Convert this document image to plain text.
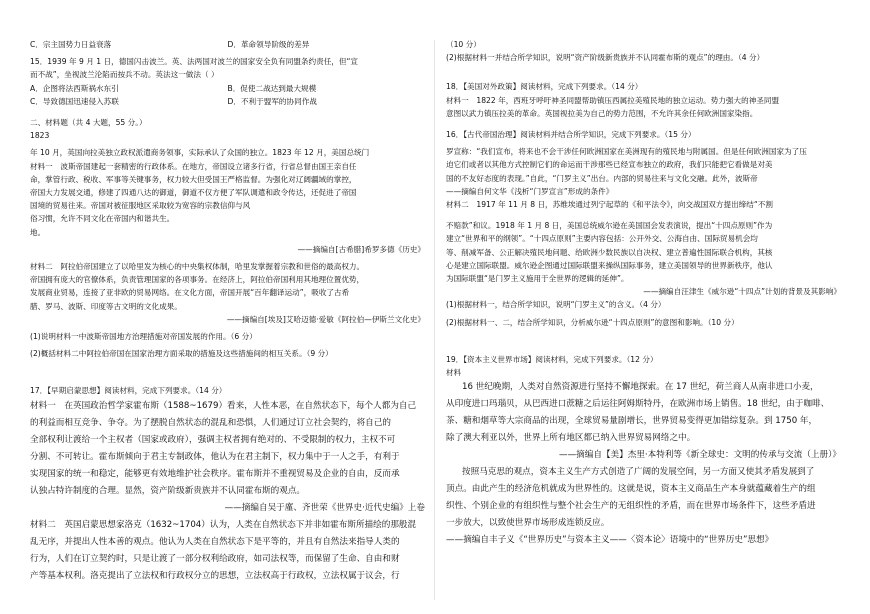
C．宗主国势力日益衰落	D．革命领导阶级的差异

15．1939 年 9 月 1 日，德国闪击波兰。英、法两国对波兰的国家安全负有同盟条约责任，但“宣

而不战”，坐视波兰沦陷而按兵不动。英法这一做法（ ）

A．企图将法西斯祸水东引	B．促使二战达到最大规模
C．导致德国迅速侵入苏联	D．不利于盟军的协同作战

二、材料题（共 4 大题，55 分。）

1823

年 10 月，英国向拉美独立政权派遣商务领事，实际承认了众国的独立。1823 年 12 月，美国总统门

材料一　波斯帝国建起一套精密的行政体系。在地方，帝国设立诸多行省，行省总督由国王亲自任

命，掌管行政、税收、军事等关键事务，权力较大但受国王严格监督。为强化对辽阔疆域的掌控，

帝国大力发展交通，修建了四通八达的御道，御道不仅方便了军队调遣和政令传达，还促进了帝国

国境的贸易往来。帝国对被征服地区采取较为宽容的宗教信仰与风

俗习惯，允许不同文化在帝国内和谐共生。

地。

——摘编自[古希腊]希罗多德《历史》

材料二　阿拉伯帝国建立了以哈里发为核心的中央集权体制，哈里发掌握着宗教和世俗的最高权力。

帝国拥有庞大的官僚体系，负责管理国家的各项事务。在经济上，阿拉伯帝国利用其地理位置优势，

发展商业贸易，连接了亚非欧的贸易网络。在文化方面，帝国开展“百年翻译运动”，吸收了古希

腊、罗马、波斯、印度等古文明的文化成果。

——摘编自[埃及]艾哈迈德·爱敏《阿拉伯—伊斯兰文化史》

(1)说明材料一中波斯帝国地方治理措施对帝国发展的作用。（6 分）

(2)概括材料二中阿拉伯帝国在国家治理方面采取的措施及这些措施间的相互关系。（9 分）

17．【早期启蒙思想】阅读材料，完成下列要求。（14 分）

材料一　在英国政治哲学家霍布斯（1588~1679）看来，人性本恶，在自然状态下，每个人都为自己

的利益而相互竞争、争夺。为了摆脱自然状态的混乱和恐惧，人们通过订立社会契约，将自己的

全部权利让渡给一个主权者（国家或政府），强调主权者拥有绝对的、不受限制的权力，主权不可

分割、不可转让。霍布斯倾向于君主专制政体，他认为在君主制下，权力集中于一人之手，有利于

实现国家的统一和稳定，能够更有效地维护社会秩序。霍布斯并不重视贸易及企业的自由，反而承

认独占特许制度的合理。显然，资产阶级新贵族并不认同霍布斯的观点。

——摘编自吴于廑、齐世荣《世界史·近代史编》上卷

材料二　英国启蒙思想家洛克（1632~1704）认为，人类在自然状态下并非如霍布斯所描绘的那般混

乱无序，并提出人性本善的观点。他认为人类在自然状态下是平等的，并且有自然法来指导人类的

行为，人们在订立契约时，只是让渡了一部分权利给政府，如司法权等，而保留了生命、自由和财

产等基本权利。洛克提出了立法权和行政权分立的思想，立法权高于行政权，立法权属于议会，行

（10 分）

(2)根据材料一并结合所学知识，说明“资产阶级新贵族并不认同霍布斯的观点”的理由。（4 分）

18．【美国对外政策】阅读材料，完成下列要求。（14 分）

材料一　1822 年，西班牙呼吁神圣同盟帮助镇压西属拉美殖民地的独立运动。势力强大的神圣同盟

意图以武力镇压拉美的革命。英国视拉美为自己的势力范围，不允许其余任何欧洲国家染指。

16．【古代帝国治理】阅读材料并结合所学知识，完成下列要求。（15 分）

罗宣称：“我们宣布，将来也不会干涉任何欧洲国家在美洲现有的殖民地与附属国。但是任何欧洲国家为了压

迫它们或者以其他方式控制它们的命运而干涉那些已经宣布独立的政府，我们只能把它看做是对美

国的不友好态度的表现。”自此，“门罗主义”出台。内部的贸易往来与文化交融。此外，波斯帝

——摘编自何文华《浅析“门罗宣言”形成的条件》

材料二　1917 年 11 月 8 日，苏维埃通过列宁起草的《和平法令》，向交战国双方提出缔结“不割

不赔款”和议。1918 年 1 月 8 日，美国总统威尔逊在美国国会发表演说，提出“十四点原则”作为

建立“世界和平的纲领”。“十四点原则”主要内容包括：公开外交、公海自由、国际贸易机会均

等、削减军备、公正解决殖民地问题、给欧洲少数民族以自决权、建立普遍性国际联合机构，其核

心是建立国际联盟。威尔逊企图通过国际联盟来操纵国际事务，建立美国领导的世界新秩序，他认

为国际联盟“是门罗主义施用于全世界的逻辑的延伸”。

——摘编自汪津生《威尔逊“十四点”计划的背景及其影响》

(1)根据材料一，结合所学知识，说明“门罗主义”的含义。（4 分）

(2)根据材料一、二，结合所学知识，分析威尔逊“十四点原则”的意图和影响。（10 分）

19．【资本主义世界市场】阅读材料，完成下列要求。（12 分）

材料

16 世纪晚期，人类对自然资源进行坚持不懈地探索。在 17 世纪，荷兰商人从南非进口小麦，

从印度进口玛瑙贝，从巴西进口蔗糖之后运往阿姆斯特丹，在欧洲市场上销售。18 世纪，由于咖啡、

茶、糖和烟草等大宗商品的出现，全球贸易量剧增长，世界贸易变得更加错综复杂。到 1750 年，

除了澳大利亚以外，世界上所有地区都已纳入世界贸易网络之中。

——摘编自【美】杰里·本特利等《新全球史：文明的传承与交流（上册）》

按照马克思的观点，资本主义生产方式创造了广阔的发展空间，另一方面又使其矛盾发展到了

顶点。由此产生的经济危机就成为世界性的。这就是说，资本主义商品生产本身就蕴藏着生产的组

织性、个别企业的有组织性与整个社会生产的无组织性的矛盾，而在世界市场条件下，这些矛盾进

一步放大，以致使世界市场形成连锁反应。

——摘编自丰子义《“世界历史”与资本主义——〈资本论〉语境中的“世界历史”思想》
